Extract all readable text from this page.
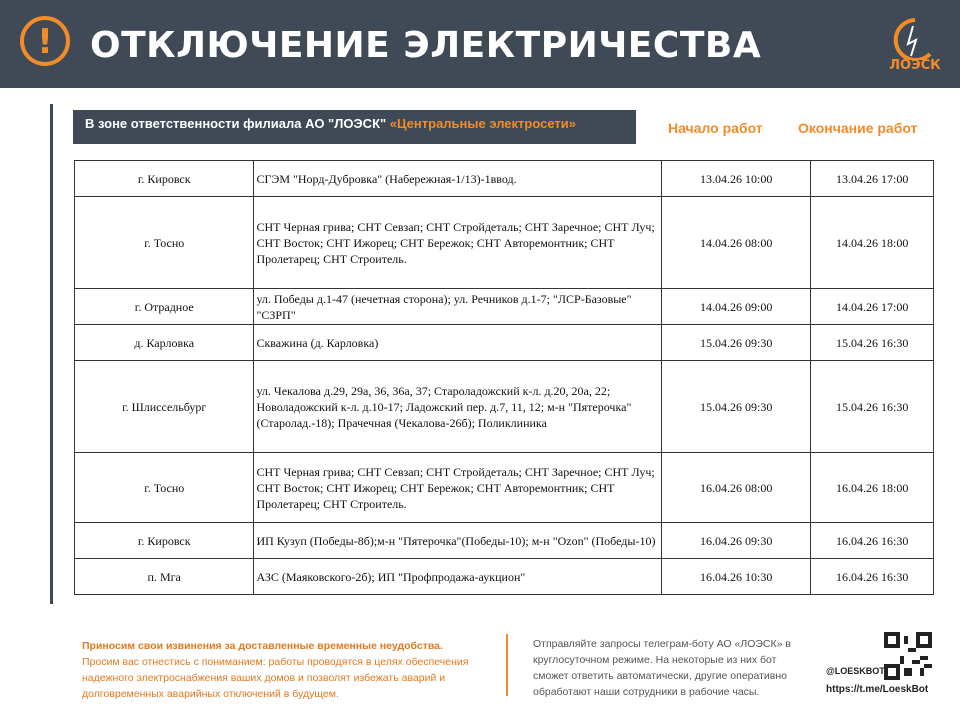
!	ОТКЛЮЧЕНИЕ ЭЛЕКТРИЧЕСТВА	ЛОЭСК
В зоне ответственности филиала АО "ЛОЭСК" «Центральные электросети»	Начало работ	Окончание работ
г. Кировск	СГЭМ "Норд-Дубровка" (Набережная-1/13)-1ввод.	13.04.26 10:00	13.04.26 17:00
г. Тосно	СНТ Черная грива; СНТ Севзап; СНТ Стройдеталь; СНТ Заречное; СНТ Луч; СНТ Восток; СНТ Ижорец; СНТ Бережок; СНТ Авторемонтник; СНТ Пролетарец; СНТ Строитель.	14.04.26 08:00	14.04.26 18:00
г. Отрадное	ул. Победы д.1-47 (нечетная сторона); ул. Речников д.1-7; "ЛСР-Базовые" "СЗРП"	14.04.26 09:00	14.04.26 17:00
д. Карловка	Скважина (д. Карловка)	15.04.26 09:30	15.04.26 16:30
г. Шлиссельбург	ул. Чекалова д.29, 29а, 36, 36а, 37; Староладожский к-л. д.20, 20а, 22; Новоладожский к-л. д.10-17; Ладожский пер. д.7, 11, 12; м-н "Пятерочка"(Старолад.-18); Прачечная (Чекалова-26б); Поликлиника	15.04.26 09:30	15.04.26 16:30
г. Тосно	СНТ Черная грива; СНТ Севзап; СНТ Стройдеталь; СНТ Заречное; СНТ Луч; СНТ Восток; СНТ Ижорец; СНТ Бережок; СНТ Авторемонтник; СНТ Пролетарец; СНТ Строитель.	16.04.26 08:00	16.04.26 18:00
г. Кировск	ИП Кузуп (Победы-8б);м-н "Пятерочка"(Победы-10); м-н "Ozon" (Победы-10)	16.04.26 09:30	16.04.26 16:30
п. Мга	АЗС (Маяковского-2б); ИП "Профпродажа-аукцион"	16.04.26 10:30	16.04.26 16:30
Приносим свои извинения за доставленные временные неудобства.
Просим вас отнестись с пониманием: работы проводятся в целях обеспечения надежного электроснабжения ваших домов и позволят избежать аварий и долговременных аварийных отключений в будущем.
Отправляйте запросы телеграм-боту АО «ЛОЭСК» в круглосуточном режиме. На некоторые из них бот сможет ответить автоматически, другие оперативно обработают наши сотрудники в рабочие часы.
@LOESKBOT
https://t.me/LoeskBot
